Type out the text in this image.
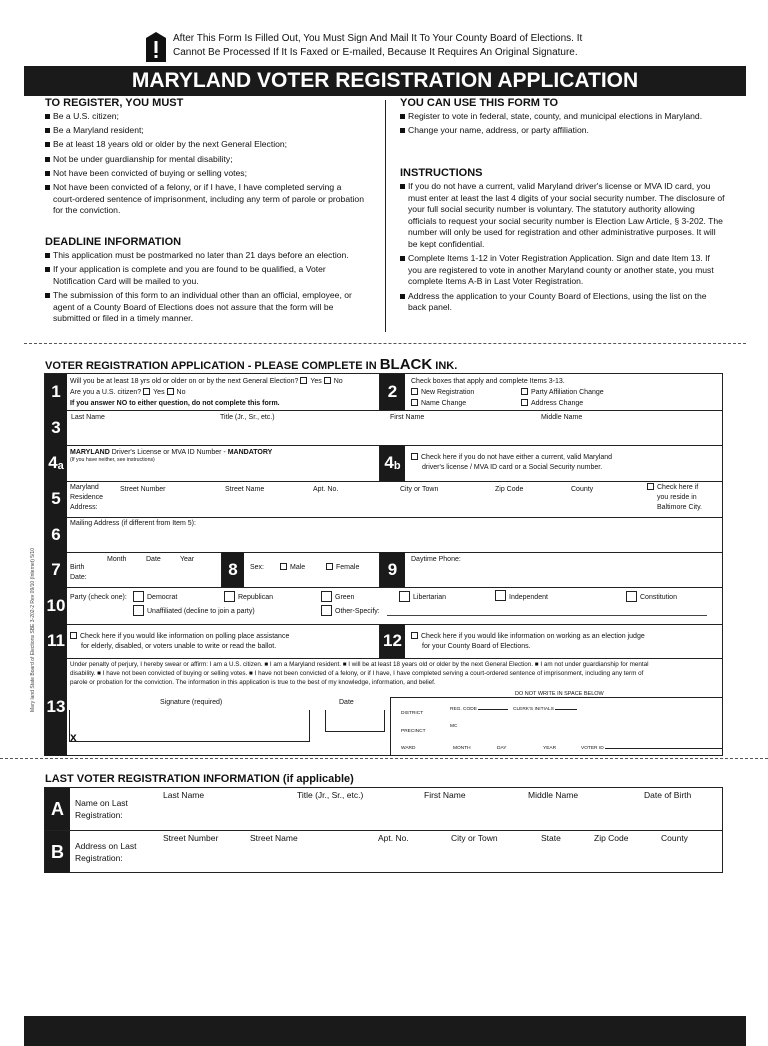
After This Form Is Filled Out, You Must Sign And Mail It To Your County Board of Elections. It
Cannot Be Processed If It Is Faxed or E-mailed, Because It Requires An Original Signature.
MARYLAND VOTER REGISTRATION APPLICATION
TO REGISTER, YOU MUST
Be a U.S. citizen;
Be a Maryland resident;
Be at least 18 years old or older by the next General Election;
Not be under guardianship for mental disability;
Not have been convicted of buying or selling votes;
Not have been convicted of a felony, or if I have, I have completed serving a court-ordered sentence of imprisonment, including any term of parole or probation for the conviction.
DEADLINE INFORMATION
This application must be postmarked no later than 21 days before an election.
If your application is complete and you are found to be qualified, a Voter Notification Card will be mailed to you.
The submission of this form to an individual other than an official, employee, or agent of a County Board of Elections does not assure that the form will be submitted or filed in a timely manner.
YOU CAN USE THIS FORM TO
Register to vote in federal, state, county, and municipal elections in Maryland.
Change your name, address, or party affiliation.
INSTRUCTIONS
If you do not have a current, valid Maryland driver's license or MVA ID card, you must enter at least the last 4 digits of your social security number. The disclosure of your full social security number is voluntary. The statutory authority allowing officials to request your social security number is Election Law Article, § 3-202. The number will only be used for registration and other administrative purposes. It will be kept confidential.
Complete Items 1-12 in Voter Registration Application. Sign and date Item 13. If you are registered to vote in another Maryland county or another state, you must complete Items A-B in Last Voter Registration.
Address the application to your County Board of Elections, using the list on the back panel.
VOTER REGISTRATION APPLICATION - PLEASE COMPLETE IN BLACK INK.
Mary land State Board of Elections SBE 3-202-2 Rev 09/10 (Internet) 5/10
1
Will you be at least 18 yrs old or older on or by the next General Election? Yes No
Are you a U.S. citizen? Yes No
If you answer NO to either question, do not complete this form.
2
Check boxes that apply and complete Items 3-13.
New Registration	Party Affiliation Change
Name Change	Address Change
3	Last Name	Title (Jr., Sr., etc.)	First Name	Middle Name
4 a
MARYLAND Driver's License or MVA ID Number - MANDATORY
(If you have neither, see instructions)	4 b
Check here if you do not have either a current, valid Maryland
driver's license / MVA ID card or a Social Security number.
5
Maryland
Residence
Address:
Street Number	Street Name	Apt. No.	City or Town	Zip Code	County	Check here if
you reside in
Baltimore City.
6
Mailing Address (if different from Item 5):
7	Birth
Date:
Month	Date	Year	8	Sex:	Male	Female	9	Daytime Phone:
10 Party (check one):	Democrat	Republican	Green	Libertarian	Independent	Constitution
Unaffiliated (decline to join a party)	Other-Specify:
11	Check here if you would like information on polling place assistance
for elderly, disabled, or voters unable to write or read the ballot.	12	Check here if you would like information on working as an election judge
for your County Board of Elections.
13
Under penalty of perjury, I hereby swear or affirm: I am a U.S. citizen. ■ I am a Maryland resident. ■ I will be at least 18 years old or older by the next General Election. ■ I am not under guardianship for mental
disability. ■ I have not been convicted of buying or selling votes. ■ I have not been convicted of a felony, or if I have, I have completed serving a court-ordered sentence of imprisonment, including any term of
parole or probation for the conviction. The information in this application is true to the best of my knowledge, information, and belief.
Signature (required)	Date
x
DO NOT WRITE IN SPACE BELOW
DISTRICT
PRECINCT
WARD
REG. CODE	CLERK'S INITIALS
MC
MONTH	DAY	YEAR	VOTER ID
LAST VOTER REGISTRATION INFORMATION (if applicable)
A	Name on Last
Registration:
Last Name	Title (Jr., Sr., etc.)	First Name	Middle Name	Date of Birth
B	Address on Last
Registration:
Street Number	Street Name	Apt. No.	City or Town	State	Zip Code	County
